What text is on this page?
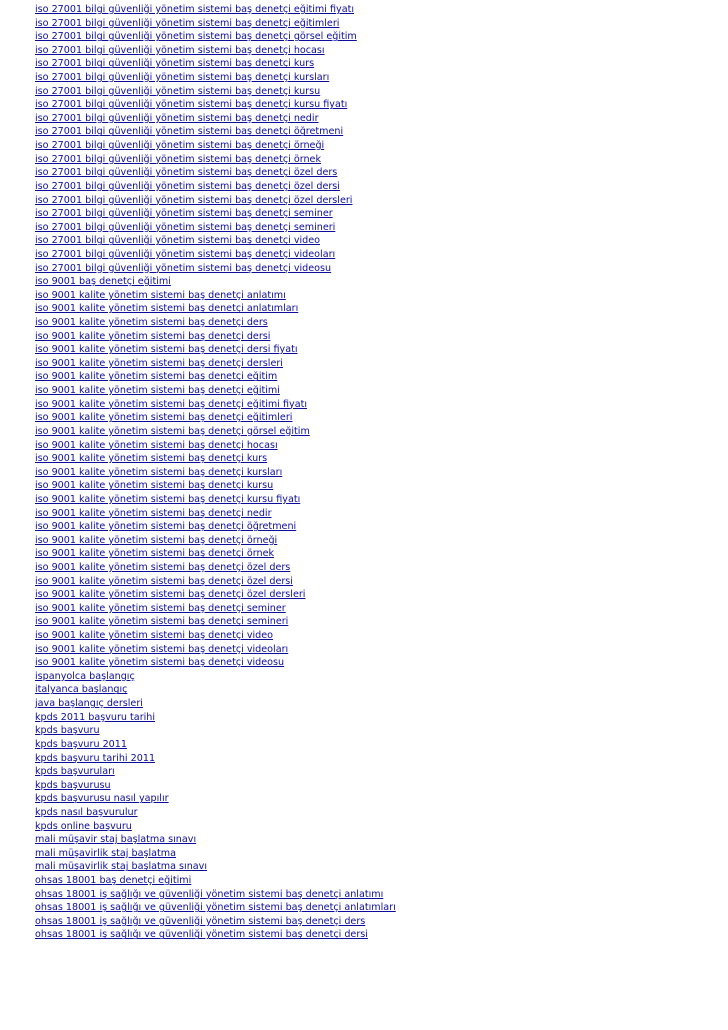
iso 27001 bilgi güvenliği yönetim sistemi baş denetçi eğitimi fiyatı
iso 27001 bilgi güvenliği yönetim sistemi baş denetçi eğitimleri
iso 27001 bilgi güvenliği yönetim sistemi baş denetçi görsel eğitim
iso 27001 bilgi güvenliği yönetim sistemi baş denetçi hocası
iso 27001 bilgi güvenliği yönetim sistemi baş denetçi kurs
iso 27001 bilgi güvenliği yönetim sistemi baş denetçi kursları
iso 27001 bilgi güvenliği yönetim sistemi baş denetçi kursu
iso 27001 bilgi güvenliği yönetim sistemi baş denetçi kursu fiyatı
iso 27001 bilgi güvenliği yönetim sistemi baş denetçi nedir
iso 27001 bilgi güvenliği yönetim sistemi baş denetçi öğretmeni
iso 27001 bilgi güvenliği yönetim sistemi baş denetçi örneği
iso 27001 bilgi güvenliği yönetim sistemi baş denetçi örnek
iso 27001 bilgi güvenliği yönetim sistemi baş denetçi özel ders
iso 27001 bilgi güvenliği yönetim sistemi baş denetçi özel dersi
iso 27001 bilgi güvenliği yönetim sistemi baş denetçi özel dersleri
iso 27001 bilgi güvenliği yönetim sistemi baş denetçi seminer
iso 27001 bilgi güvenliği yönetim sistemi baş denetçi semineri
iso 27001 bilgi güvenliği yönetim sistemi baş denetçi video
iso 27001 bilgi güvenliği yönetim sistemi baş denetçi videoları
iso 27001 bilgi güvenliği yönetim sistemi baş denetçi videosu
iso 9001 baş denetçi eğitimi
iso 9001 kalite yönetim sistemi baş denetçi anlatımı
iso 9001 kalite yönetim sistemi baş denetçi anlatımları
iso 9001 kalite yönetim sistemi baş denetçi ders
iso 9001 kalite yönetim sistemi baş denetçi dersi
iso 9001 kalite yönetim sistemi baş denetçi dersi fiyatı
iso 9001 kalite yönetim sistemi baş denetçi dersleri
iso 9001 kalite yönetim sistemi baş denetçi eğitim
iso 9001 kalite yönetim sistemi baş denetçi eğitimi
iso 9001 kalite yönetim sistemi baş denetçi eğitimi fiyatı
iso 9001 kalite yönetim sistemi baş denetçi eğitimleri
iso 9001 kalite yönetim sistemi baş denetçi görsel eğitim
iso 9001 kalite yönetim sistemi baş denetçi hocası
iso 9001 kalite yönetim sistemi baş denetçi kurs
iso 9001 kalite yönetim sistemi baş denetçi kursları
iso 9001 kalite yönetim sistemi baş denetçi kursu
iso 9001 kalite yönetim sistemi baş denetçi kursu fiyatı
iso 9001 kalite yönetim sistemi baş denetçi nedir
iso 9001 kalite yönetim sistemi baş denetçi öğretmeni
iso 9001 kalite yönetim sistemi baş denetçi örneği
iso 9001 kalite yönetim sistemi baş denetçi örnek
iso 9001 kalite yönetim sistemi baş denetçi özel ders
iso 9001 kalite yönetim sistemi baş denetçi özel dersi
iso 9001 kalite yönetim sistemi baş denetçi özel dersleri
iso 9001 kalite yönetim sistemi baş denetçi seminer
iso 9001 kalite yönetim sistemi baş denetçi semineri
iso 9001 kalite yönetim sistemi baş denetçi video
iso 9001 kalite yönetim sistemi baş denetçi videoları
iso 9001 kalite yönetim sistemi baş denetçi videosu
ispanyolca başlangıç
italyanca başlangıç
java başlangıç dersleri
kpds 2011 başvuru tarihi
kpds başvuru
kpds başvuru 2011
kpds başvuru tarihi 2011
kpds başvuruları
kpds başvurusu
kpds başvurusu nasıl yapılır
kpds nasıl başvurulur
kpds online başvuru
mali müşavir staj başlatma sınavı
mali müşavirlik staj başlatma
mali müşavirlik staj başlatma sınavı
ohsas 18001 baş denetçi eğitimi
ohsas 18001 iş sağlığı ve güvenliği yönetim sistemi baş denetçi anlatımı
ohsas 18001 iş sağlığı ve güvenliği yönetim sistemi baş denetçi anlatımları
ohsas 18001 iş sağlığı ve güvenliği yönetim sistemi baş denetçi ders
ohsas 18001 iş sağlığı ve güvenliği yönetim sistemi baş denetçi dersi
